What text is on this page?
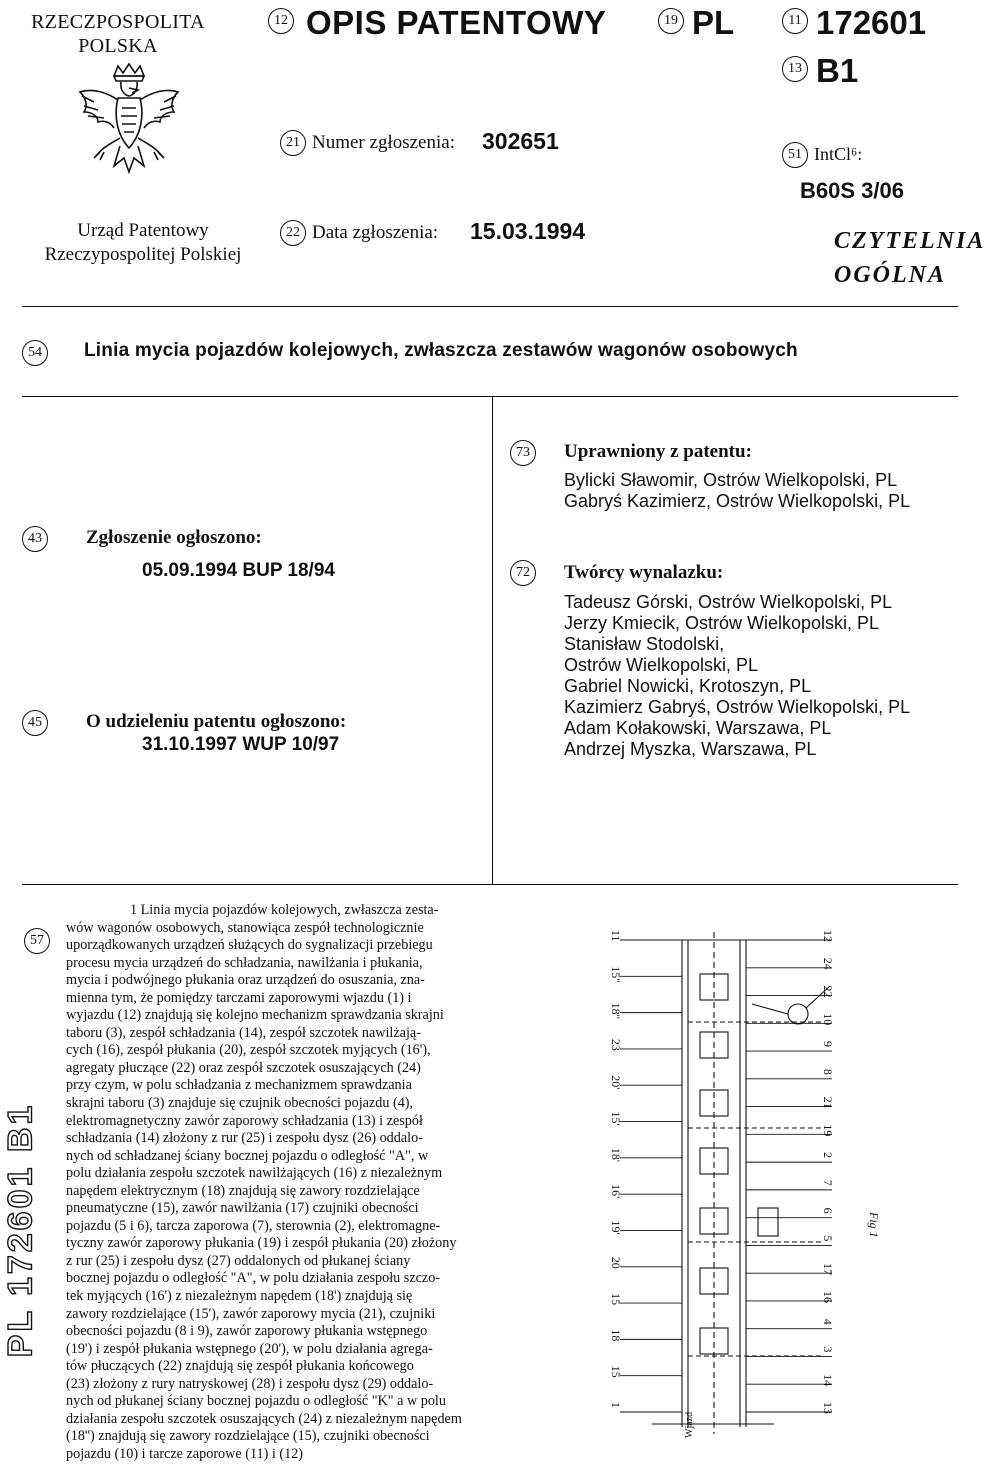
RZECZPOSPOLITA
POLSKA
Urząd Patentowy
Rzeczypospolitej Polskiej
12 OPIS PATENTOWY	19 PL	11 172601
13 B1
21 Numer zgłoszenia: 302651
22 Data zgłoszenia: 15.03.1994
51 IntCl⁶:
B60S 3/06
CZYTELNIA
OGÓLNA
54	Linia mycia pojazdów kolejowych, zwłaszcza zestawów wagonów osobowych
43	Zgłoszenie ogłoszono:
05.09.1994 BUP 18/94
45	O udzieleniu patentu ogłoszono:
31.10.1997 WUP 10/97
73	Uprawniony z patentu:
Bylicki Sławomir, Ostrów Wielkopolski, PL
Gabryś Kazimierz, Ostrów Wielkopolski, PL
72	Twórcy wynalazku:
Tadeusz Górski, Ostrów Wielkopolski, PL
Jerzy Kmiecik, Ostrów Wielkopolski, PL
Stanisław Stodolski,
Ostrów Wielkopolski, PL
Gabriel Nowicki, Krotoszyn, PL
Kazimierz Gabryś, Ostrów Wielkopolski, PL
Adam Kołakowski, Warszawa, PL
Andrzej Myszka, Warszawa, PL
57
1 Linia mycia pojazdów kolejowych, zwłaszcza zesta-
wów wagonów osobowych, stanowiąca zespół technologicznie
uporządkowanych urządzeń służących do sygnalizacji przebiegu
procesu mycia urządzeń do schładzania, nawilżania i płukania,
mycia i podwójnego płukania oraz urządzeń do osuszania, zna-
mienna tym, że pomiędzy tarczami zaporowymi wjazdu (1) i
wyjazdu (12) znajdują się kolejno mechanizm sprawdzania skrajni
taboru (3), zespół schładzania (14), zespół szczotek nawilżają-
cych (16), zespół płukania (20), zespół szczotek myjących (16'),
agregaty płuczące (22) oraz zespół szczotek osuszających (24)
przy czym, w polu schładzania z mechanizmem sprawdzania
skrajni taboru (3) znajduje się czujnik obecności pojazdu (4),
elektromagnetyczny zawór zaporowy schładzania (13) i zespół
schładzania (14) złożony z rur (25) i zespołu dysz (26) oddalo-
nych od schładzanej ściany bocznej pojazdu o odległość "A", w
polu działania zespołu szczotek nawilżających (16) z niezależnym
napędem elektrycznym (18) znajdują się zawory rozdzielające
pneumatyczne (15), zawór nawilżania (17) czujniki obecności
pojazdu (5 i 6), tarcza zaporowa (7), sterownia (2), elektromagne-
tyczny zawór zaporowy płukania (19) i zespół płukania (20) złożony
z rur (25) i zespołu dysz (27) oddalonych od płukanej ściany
bocznej pojazdu o odległość "A", w polu działania zespołu szczo-
tek myjących (16') z niezależnym napędem (18') znajdują się
zawory rozdzielające (15'), zawór zaporowy mycia (21), czujniki
obecności pojazdu (8 i 9), zawór zaporowy płukania wstępnego
(19') i zespół płukania wstępnego (20'), w polu działania agrega-
tów płuczących (22) znajdują się zespół płukania końcowego
(23) złożony z rury natryskowej (28) i zespołu dysz (29) oddalo-
nych od płukanej ściany bocznej pojazdu o odległość "K" a w polu
działania zespołu szczotek osuszających (24) z niezależnym napędem
(18'') znajdują się zawory rozdzielające (15), czujniki obecności
pojazdu (10) i tarcze zaporowe (11) i (12)
PL 172601 B1
11
15''
18''
23
20'
15'
18'
16'
19'
20
15
18
15
1
12
24
22
10
9
8
21
19
2
7
6
5
17
16
4
3
14
13
Fig 1
Wjazd
